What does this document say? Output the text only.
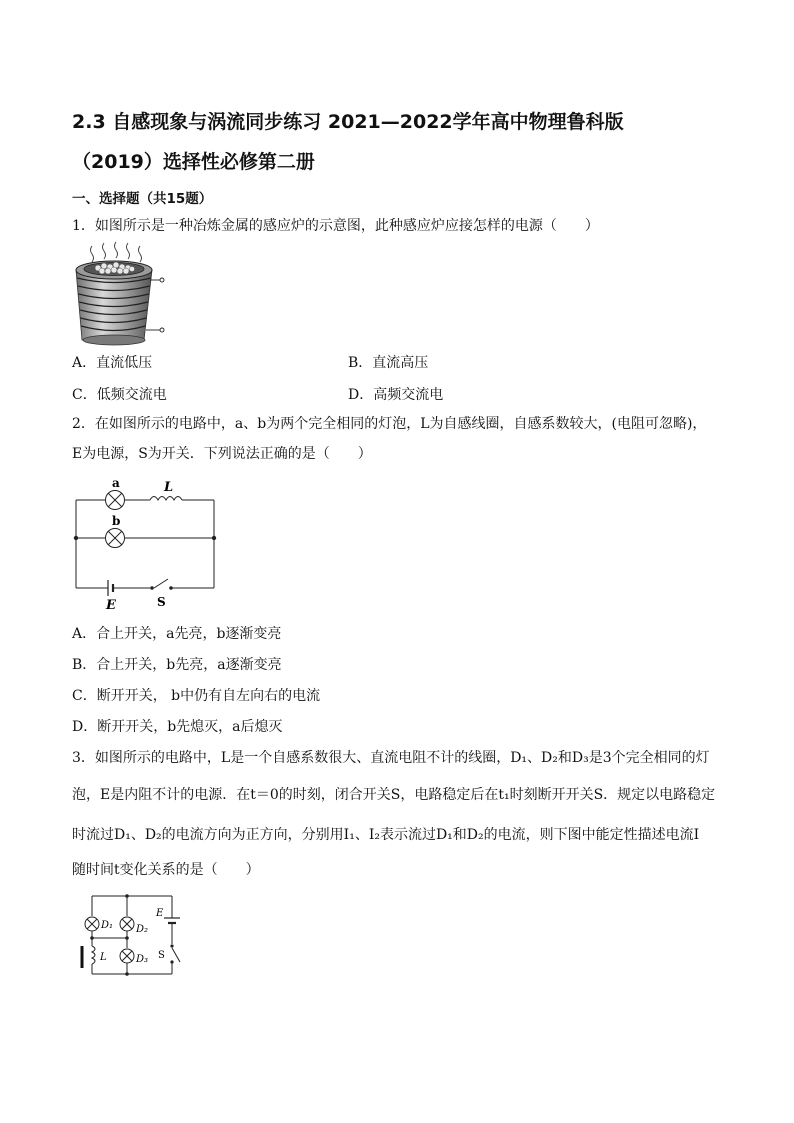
2.3 自感现象与涡流同步练习 2021—2022学年高中物理鲁科版
（2019）选择性必修第二册
一、选择题（共15题）
1．如图所示是一种冶炼金属的感应炉的示意图，此种感应炉应接怎样的电源（　　）
A．直流低压	B．直流高压
C．低频交流电	D．高频交流电
2．在如图所示的电路中，a、b为两个完全相同的灯泡，L为自感线圈，自感系数较大，(电阻可忽略)，
E为电源，S为开关．下列说法正确的是（　　）
a	L
b
E	S
A．合上开关，a先亮，b逐渐变亮
B．合上开关，b先亮，a逐渐变亮
C．断开开关， b中仍有自左向右的电流
D．断开开关，b先熄灭，a后熄灭
3．如图所示的电路中，L是一个自感系数很大、直流电阻不计的线圈，D₁、D₂和D₃是3个完全相同的灯
泡，E是内阻不计的电源．在t＝0的时刻，闭合开关S，电路稳定后在t₁时刻断开开关S．规定以电路稳定
时流过D₁、D₂的电流方向为正方向，分别用I₁、I₂表示流过D₁和D₂的电流，则下图中能定性描述电流I
随时间t变化关系的是（　　）
D₁ D₂
D₃
L
E
S
